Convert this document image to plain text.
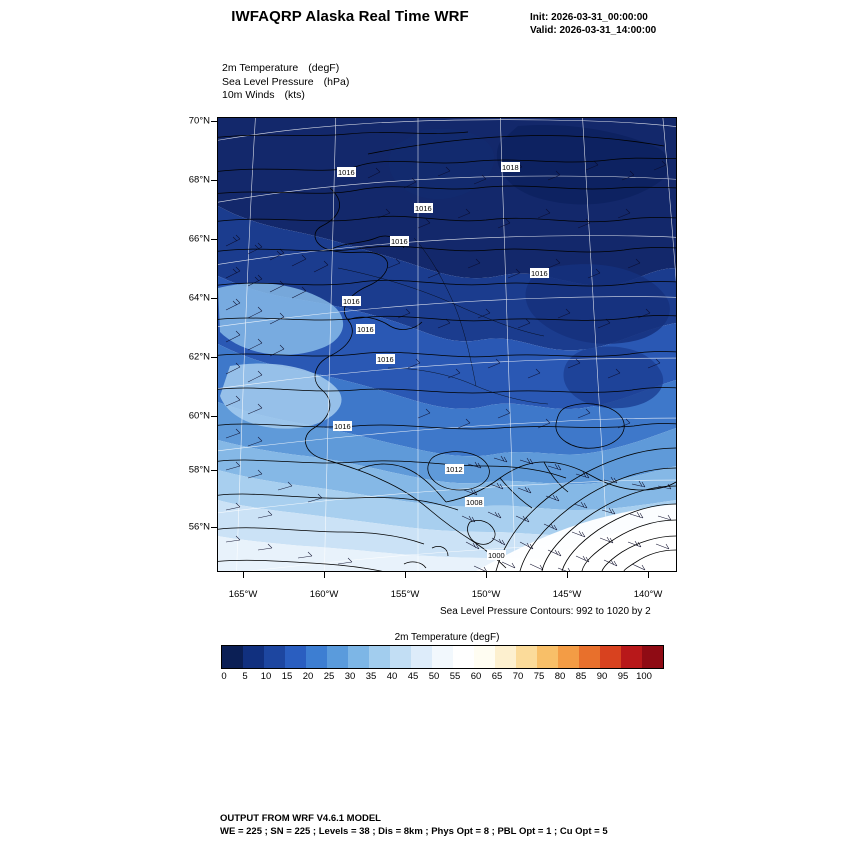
IWFAQRP Alaska Real Time WRF	Init: 2026-03-31_00:00:00
Valid: 2026-03-31_14:00:00
2m Temperature (degF)
Sea Level Pressure (hPa)
10m Winds (kts)
1016
1018
1016
1016
1016
1016
1016
1016
1016
1012
1008
1000
70°N
68°N
66°N
64°N
62°N
60°N
58°N
56°N
165°W	160°W	155°W	150°W	145°W	140°W
Sea Level Pressure Contours: 992 to 1020 by 2
2m Temperature (degF)
0 5 10 15 20 25 30 35 40 45 50 55 60 65 70 75 80 85 90 95 100
OUTPUT FROM WRF V4.6.1 MODEL
WE = 225 ; SN = 225 ; Levels = 38 ; Dis = 8km ; Phys Opt = 8 ; PBL Opt = 1 ; Cu Opt = 5
